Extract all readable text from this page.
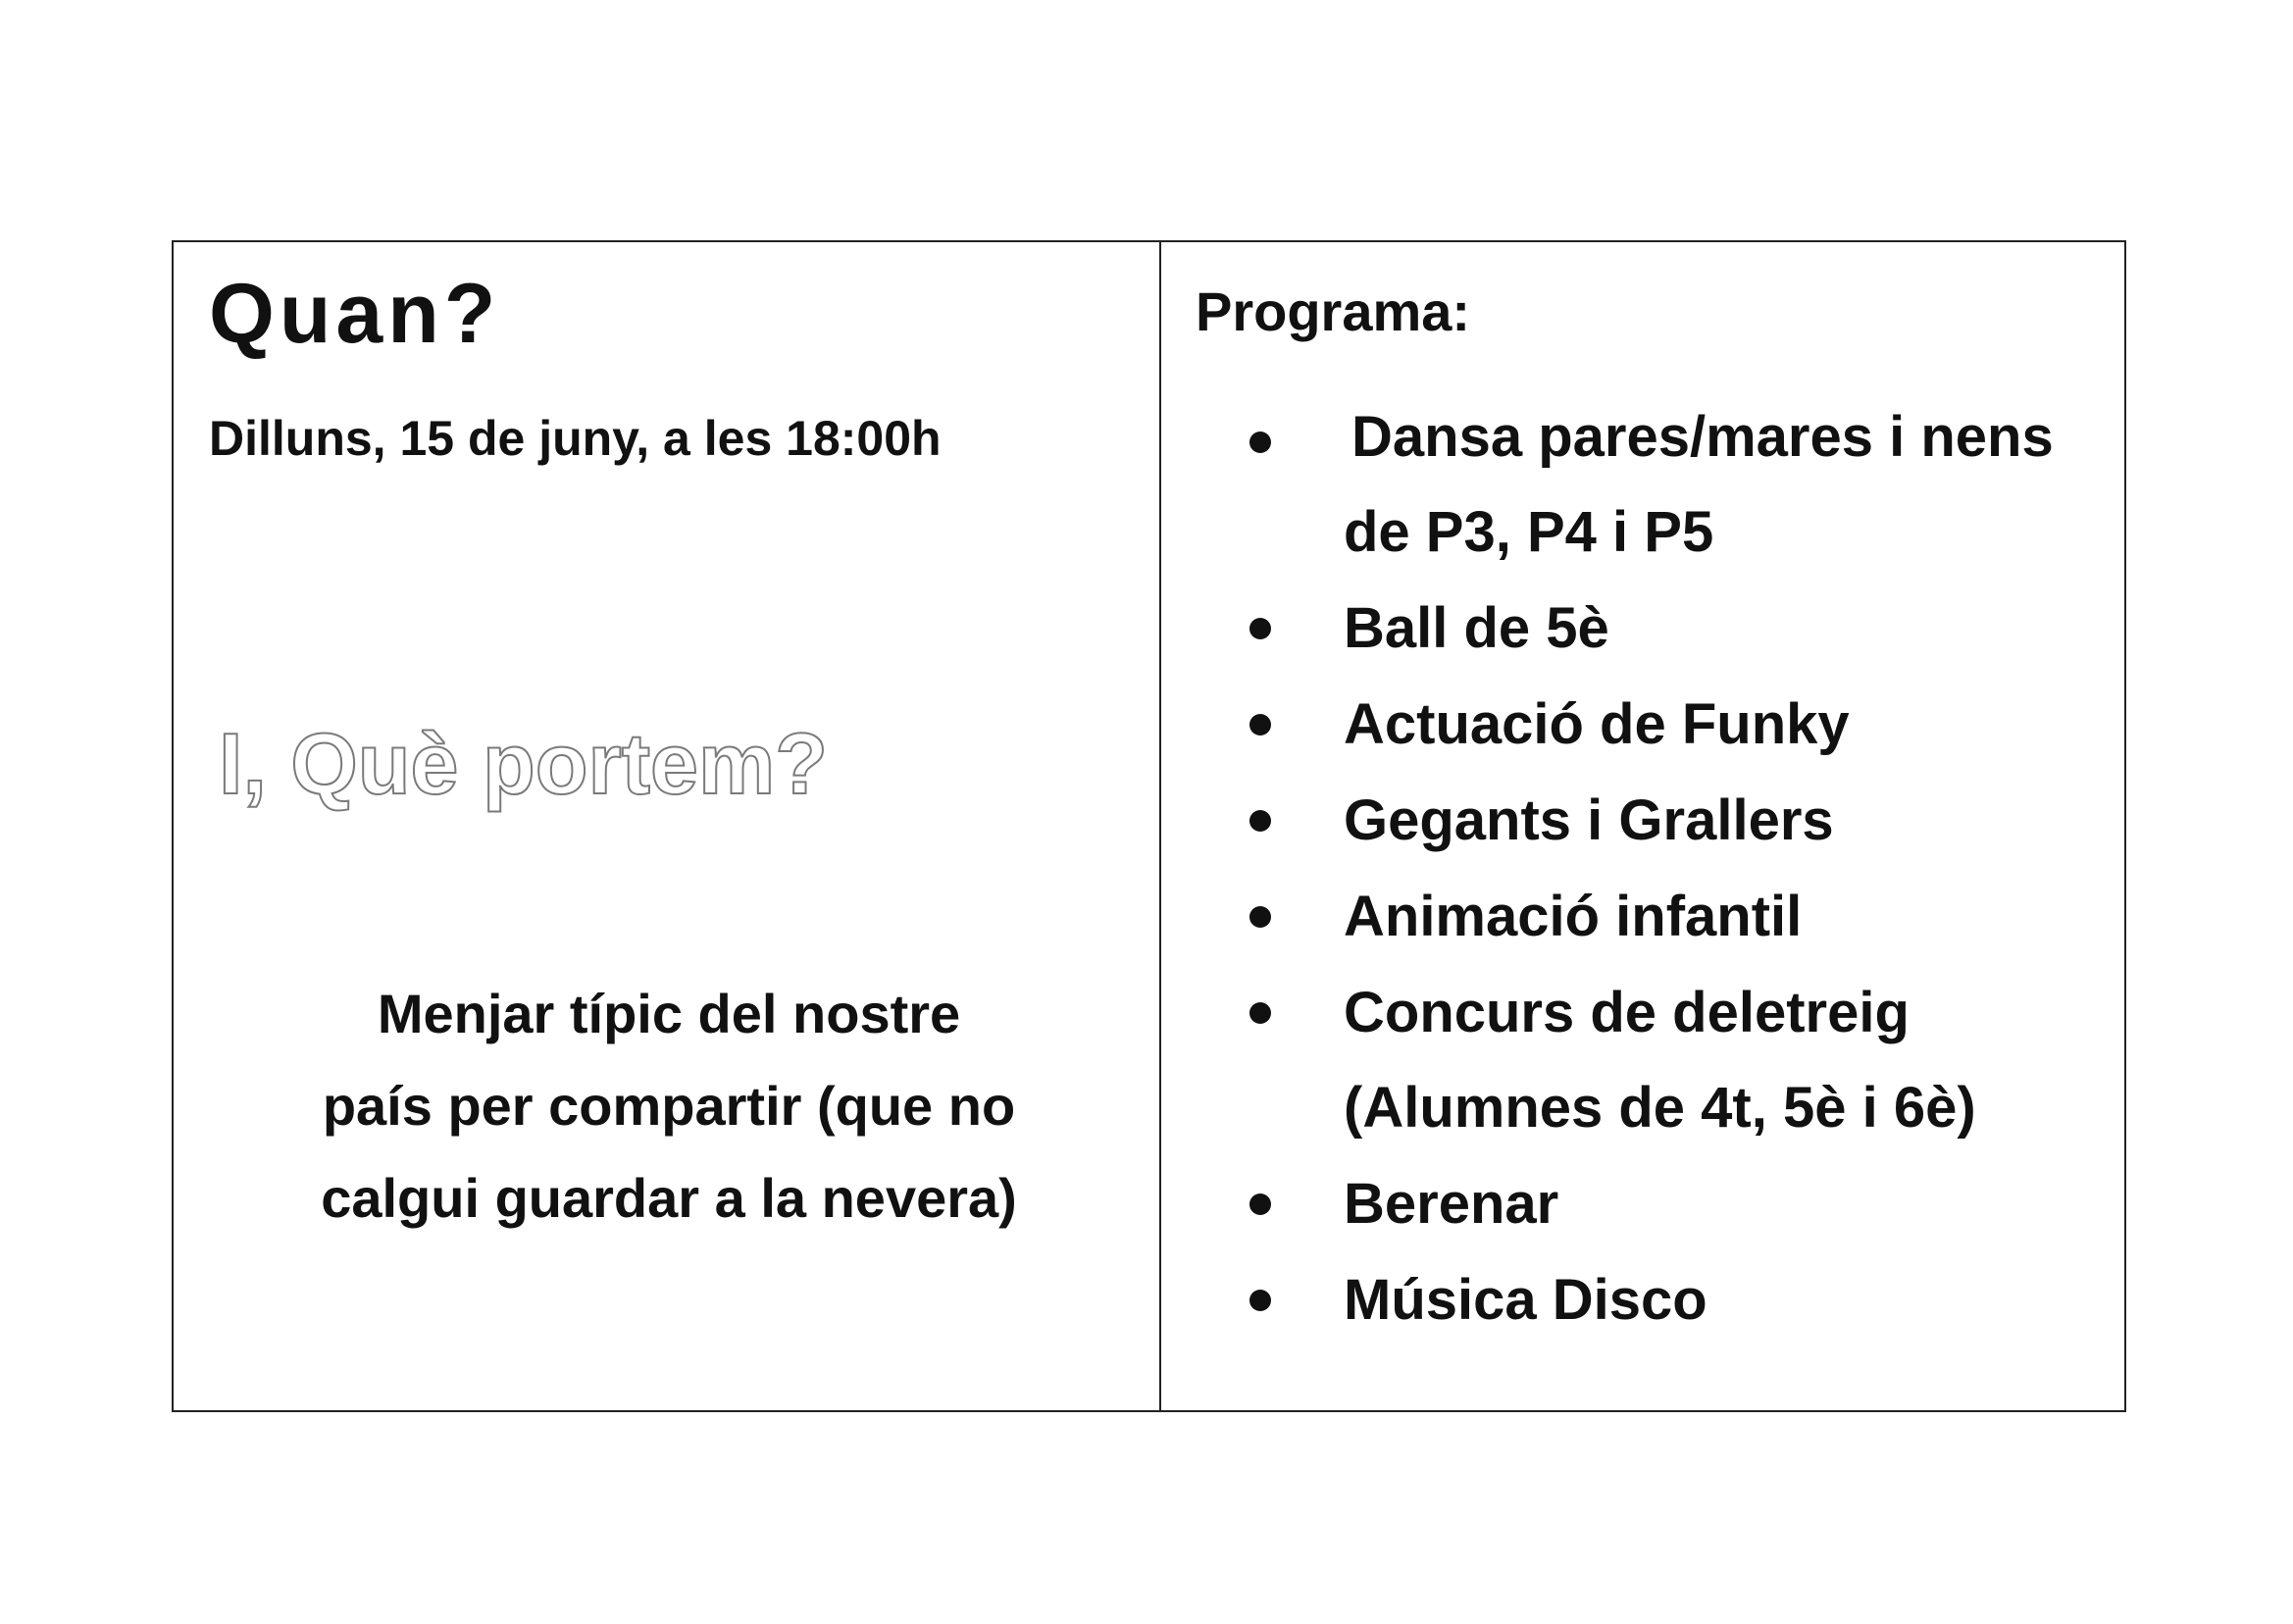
Quan?

Dilluns, 15 de juny, a les 18:00h

I, Què portem?

Menjar típic del nostre
país per compartir (que no
calgui guardar a la nevera)

Programa:
Dansa pares/mares i nens
de P3, P4 i P5
Ball de 5è
Actuació de Funky
Gegants i Grallers
Animació infantil
Concurs de deletreig
(Alumnes de 4t, 5è i 6è)
Berenar
Música Disco
